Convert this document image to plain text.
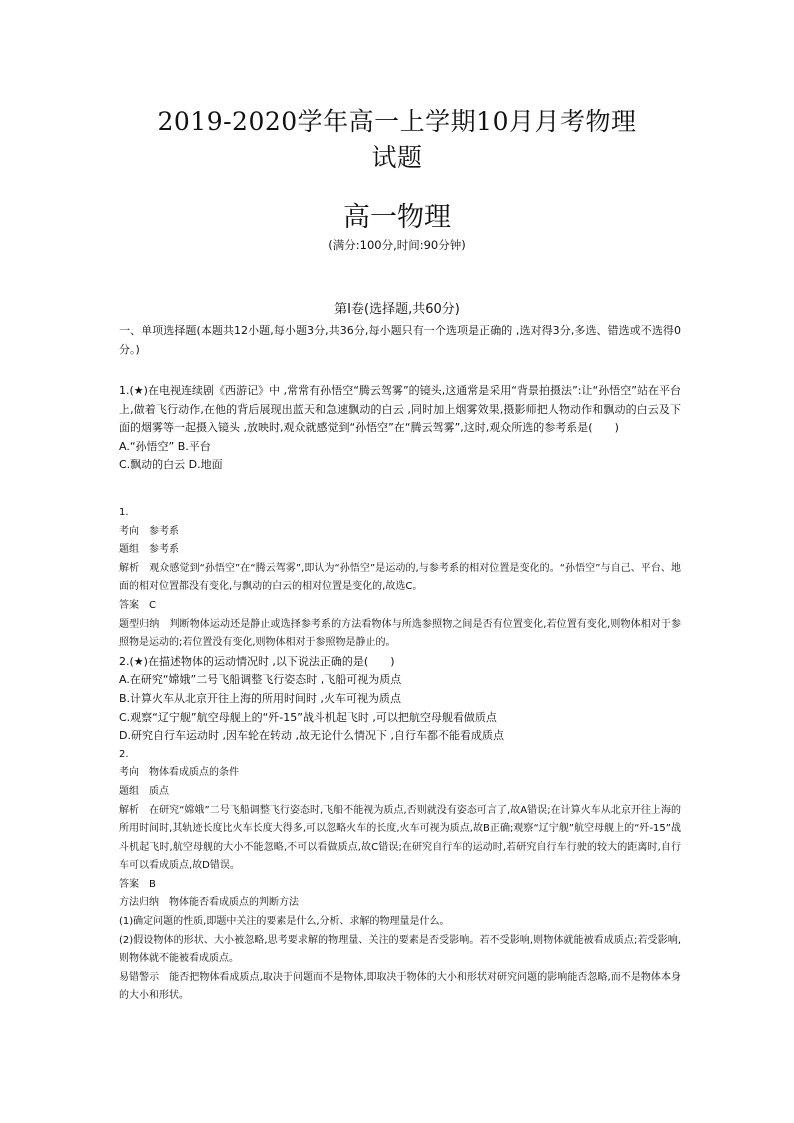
2019-2020学年高一上学期10月月考物理
试题
高一物理
(满分:100分,时间:90分钟)
第Ⅰ卷(选择题,共60分)
一、单项选择题(本题共12小题,每小题3分,共36分,每小题只有一个选项是正确的 ,选对得3分,多选、错选或不选得0分。)
1.(★)在电视连续剧《西游记》中 ,常常有孙悟空“腾云驾雾”的镜头,这通常是采用“背景拍摄法”:让“孙悟空”站在平台上,做着飞行动作,在他的背后展现出蓝天和急速飘动的白云 ,同时加上烟雾效果,摄影师把人物动作和飘动的白云及下面的烟雾等一起摄入镜头 ,放映时,观众就感觉到“孙悟空”在“腾云驾雾”,这时,观众所选的参考系是(　　)
A.“孙悟空” B.平台
C.飘动的白云 D.地面
1.
考向　参考系
题组　参考系
解析　观众感觉到“孙悟空”在“腾云驾雾”,即认为“孙悟空”是运动的,与参考系的相对位置是变化的。“孙悟空”与自己、平台、地面的相对位置都没有变化,与飘动的白云的相对位置是变化的,故选C。
答案　C
题型归纳　判断物体运动还是静止或选择参考系的方法看物体与所选参照物之间是否有位置变化,若位置有变化,则物体相对于参照物是运动的;若位置没有变化,则物体相对于参照物是静止的。
2.(★)在描述物体的运动情况时 ,以下说法正确的是(　　)
A.在研究“嫦娥”二号飞船调整飞行姿态时 ,飞船可视为质点
B.计算火车从北京开往上海的所用时间时 ,火车可视为质点
C.观察“辽宁舰”航空母舰上的“歼-15”战斗机起飞时 ,可以把航空母舰看做质点
D.研究自行车运动时 ,因车轮在转动 ,故无论什么情况下 ,自行车都不能看成质点
2.
考向　物体看成质点的条件
题组　质点
解析　在研究“嫦娥”二号飞船调整飞行姿态时,飞船不能视为质点,否则就没有姿态可言了,故A错误;在计算火车从北京开往上海的所用时间时,其轨迹长度比火车长度大得多,可以忽略火车的长度,火车可视为质点,故B正确;观察“辽宁舰”航空母舰上的“歼-15”战斗机起飞时,航空母舰的大小不能忽略,不可以看做质点,故C错误;在研究自行车的运动时,若研究自行车行驶的较大的距离时,自行车可以看成质点,故D错误。
答案　B
方法归纳　物体能否看成质点的判断方法
(1)确定问题的性质,即题中关注的要素是什么,分析、求解的物理量是什么。
(2)假设物体的形状、大小被忽略,思考要求解的物理量、关注的要素是否受影响。若不受影响,则物体就能被看成质点;若受影响,则物体就不能被看成质点。
易错警示　能否把物体看成质点,取决于问题而不是物体,即取决于物体的大小和形状对研究问题的影响能否忽略,而不是物体本身的大小和形状。
